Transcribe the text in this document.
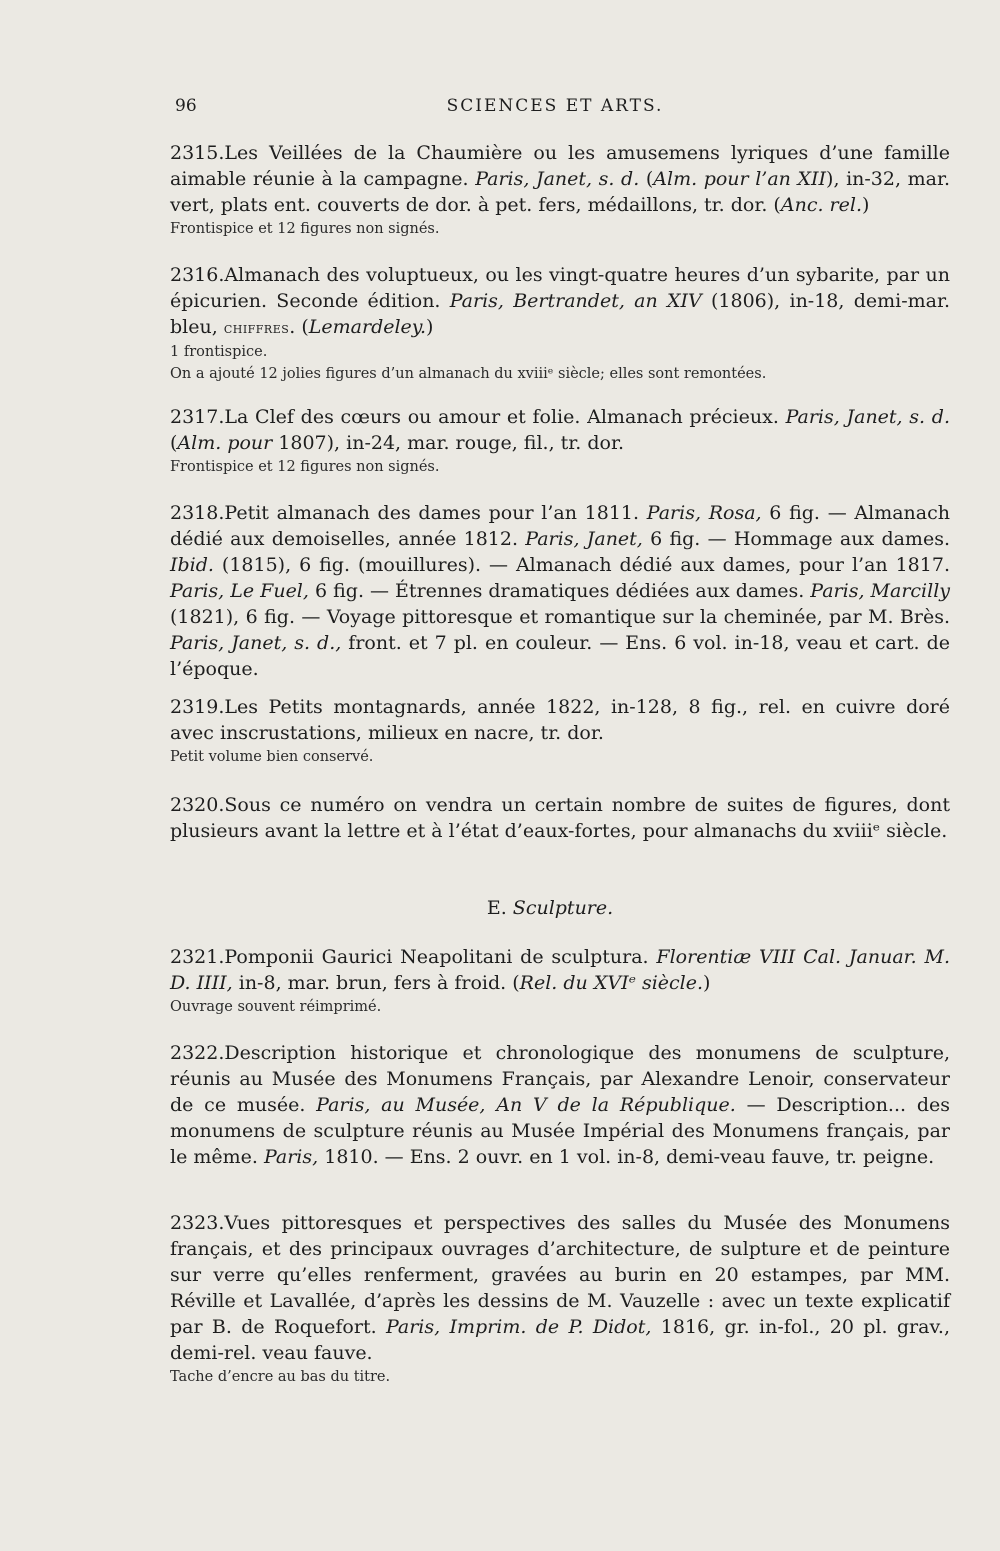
96	SCIENCES ET ARTS.

2315.Les Veillées de la Chaumière ou les amusemens lyriques d’une famille aimable réunie à la campagne. Paris, Janet, s. d. (Alm. pour l’an XII), in-32, mar. vert, plats ent. couverts de dor. à pet. fers, médaillons, tr. dor. (Anc. rel.)

Frontispice et 12 figures non signés.

2316.Almanach des voluptueux, ou les vingt-quatre heures d’un sybarite, par un épicurien. Seconde édition. Paris, Bertrandet, an XIV (1806), in-18, demi-mar. bleu, chiffres. (Lemardeley.)

1 frontispice.

On a ajouté 12 jolies figures d’un almanach du xviiiᵉ siècle; elles sont remontées.

2317.La Clef des cœurs ou amour et folie. Almanach précieux. Paris, Janet, s. d. (Alm. pour 1807), in-24, mar. rouge, fil., tr. dor.

Frontispice et 12 figures non signés.

2318.Petit almanach des dames pour l’an 1811. Paris, Rosa, 6 fig. — Almanach dédié aux demoiselles, année 1812. Paris, Janet, 6 fig. — Hommage aux dames. Ibid. (1815), 6 fig. (mouillures). — Almanach dédié aux dames, pour l’an 1817. Paris, Le Fuel, 6 fig. — Étrennes dramatiques dédiées aux dames. Paris, Marcilly (1821), 6 fig. — Voyage pittoresque et romantique sur la cheminée, par M. Brès. Paris, Janet, s. d., front. et 7 pl. en couleur. — Ens. 6 vol. in-18, veau et cart. de l’époque.

2319.Les Petits montagnards, année 1822, in-128, 8 fig., rel. en cuivre doré avec inscrustations, milieux en nacre, tr. dor.

Petit volume bien conservé.

2320.Sous ce numéro on vendra un certain nombre de suites de figures, dont plusieurs avant la lettre et à l’état d’eaux-fortes, pour almanachs du xviiiᵉ siècle.

E. Sculpture.

2321.Pomponii Gaurici Neapolitani de sculptura. Florentiæ VIII Cal. Januar. M. D. IIII, in-8, mar. brun, fers à froid. (Rel. du XVIᵉ siècle.)

Ouvrage souvent réimprimé.

2322.Description historique et chronologique des monumens de sculpture, réunis au Musée des Monumens Français, par Alexandre Lenoir, conservateur de ce musée. Paris, au Musée, An V de la République. — Description... des monumens de sculpture réunis au Musée Impérial des Monumens français, par le même. Paris, 1810. — Ens. 2 ouvr. en 1 vol. in-8, demi-veau fauve, tr. peigne.

2323.Vues pittoresques et perspectives des salles du Musée des Monumens français, et des principaux ouvrages d’architecture, de sulpture et de peinture sur verre qu’elles renferment, gravées au burin en 20 estampes, par MM. Réville et Lavallée, d’après les dessins de M. Vauzelle : avec un texte explicatif par B. de Roquefort. Paris, Imprim. de P. Didot, 1816, gr. in-fol., 20 pl. grav., demi-rel. veau fauve.

Tache d’encre au bas du titre.
